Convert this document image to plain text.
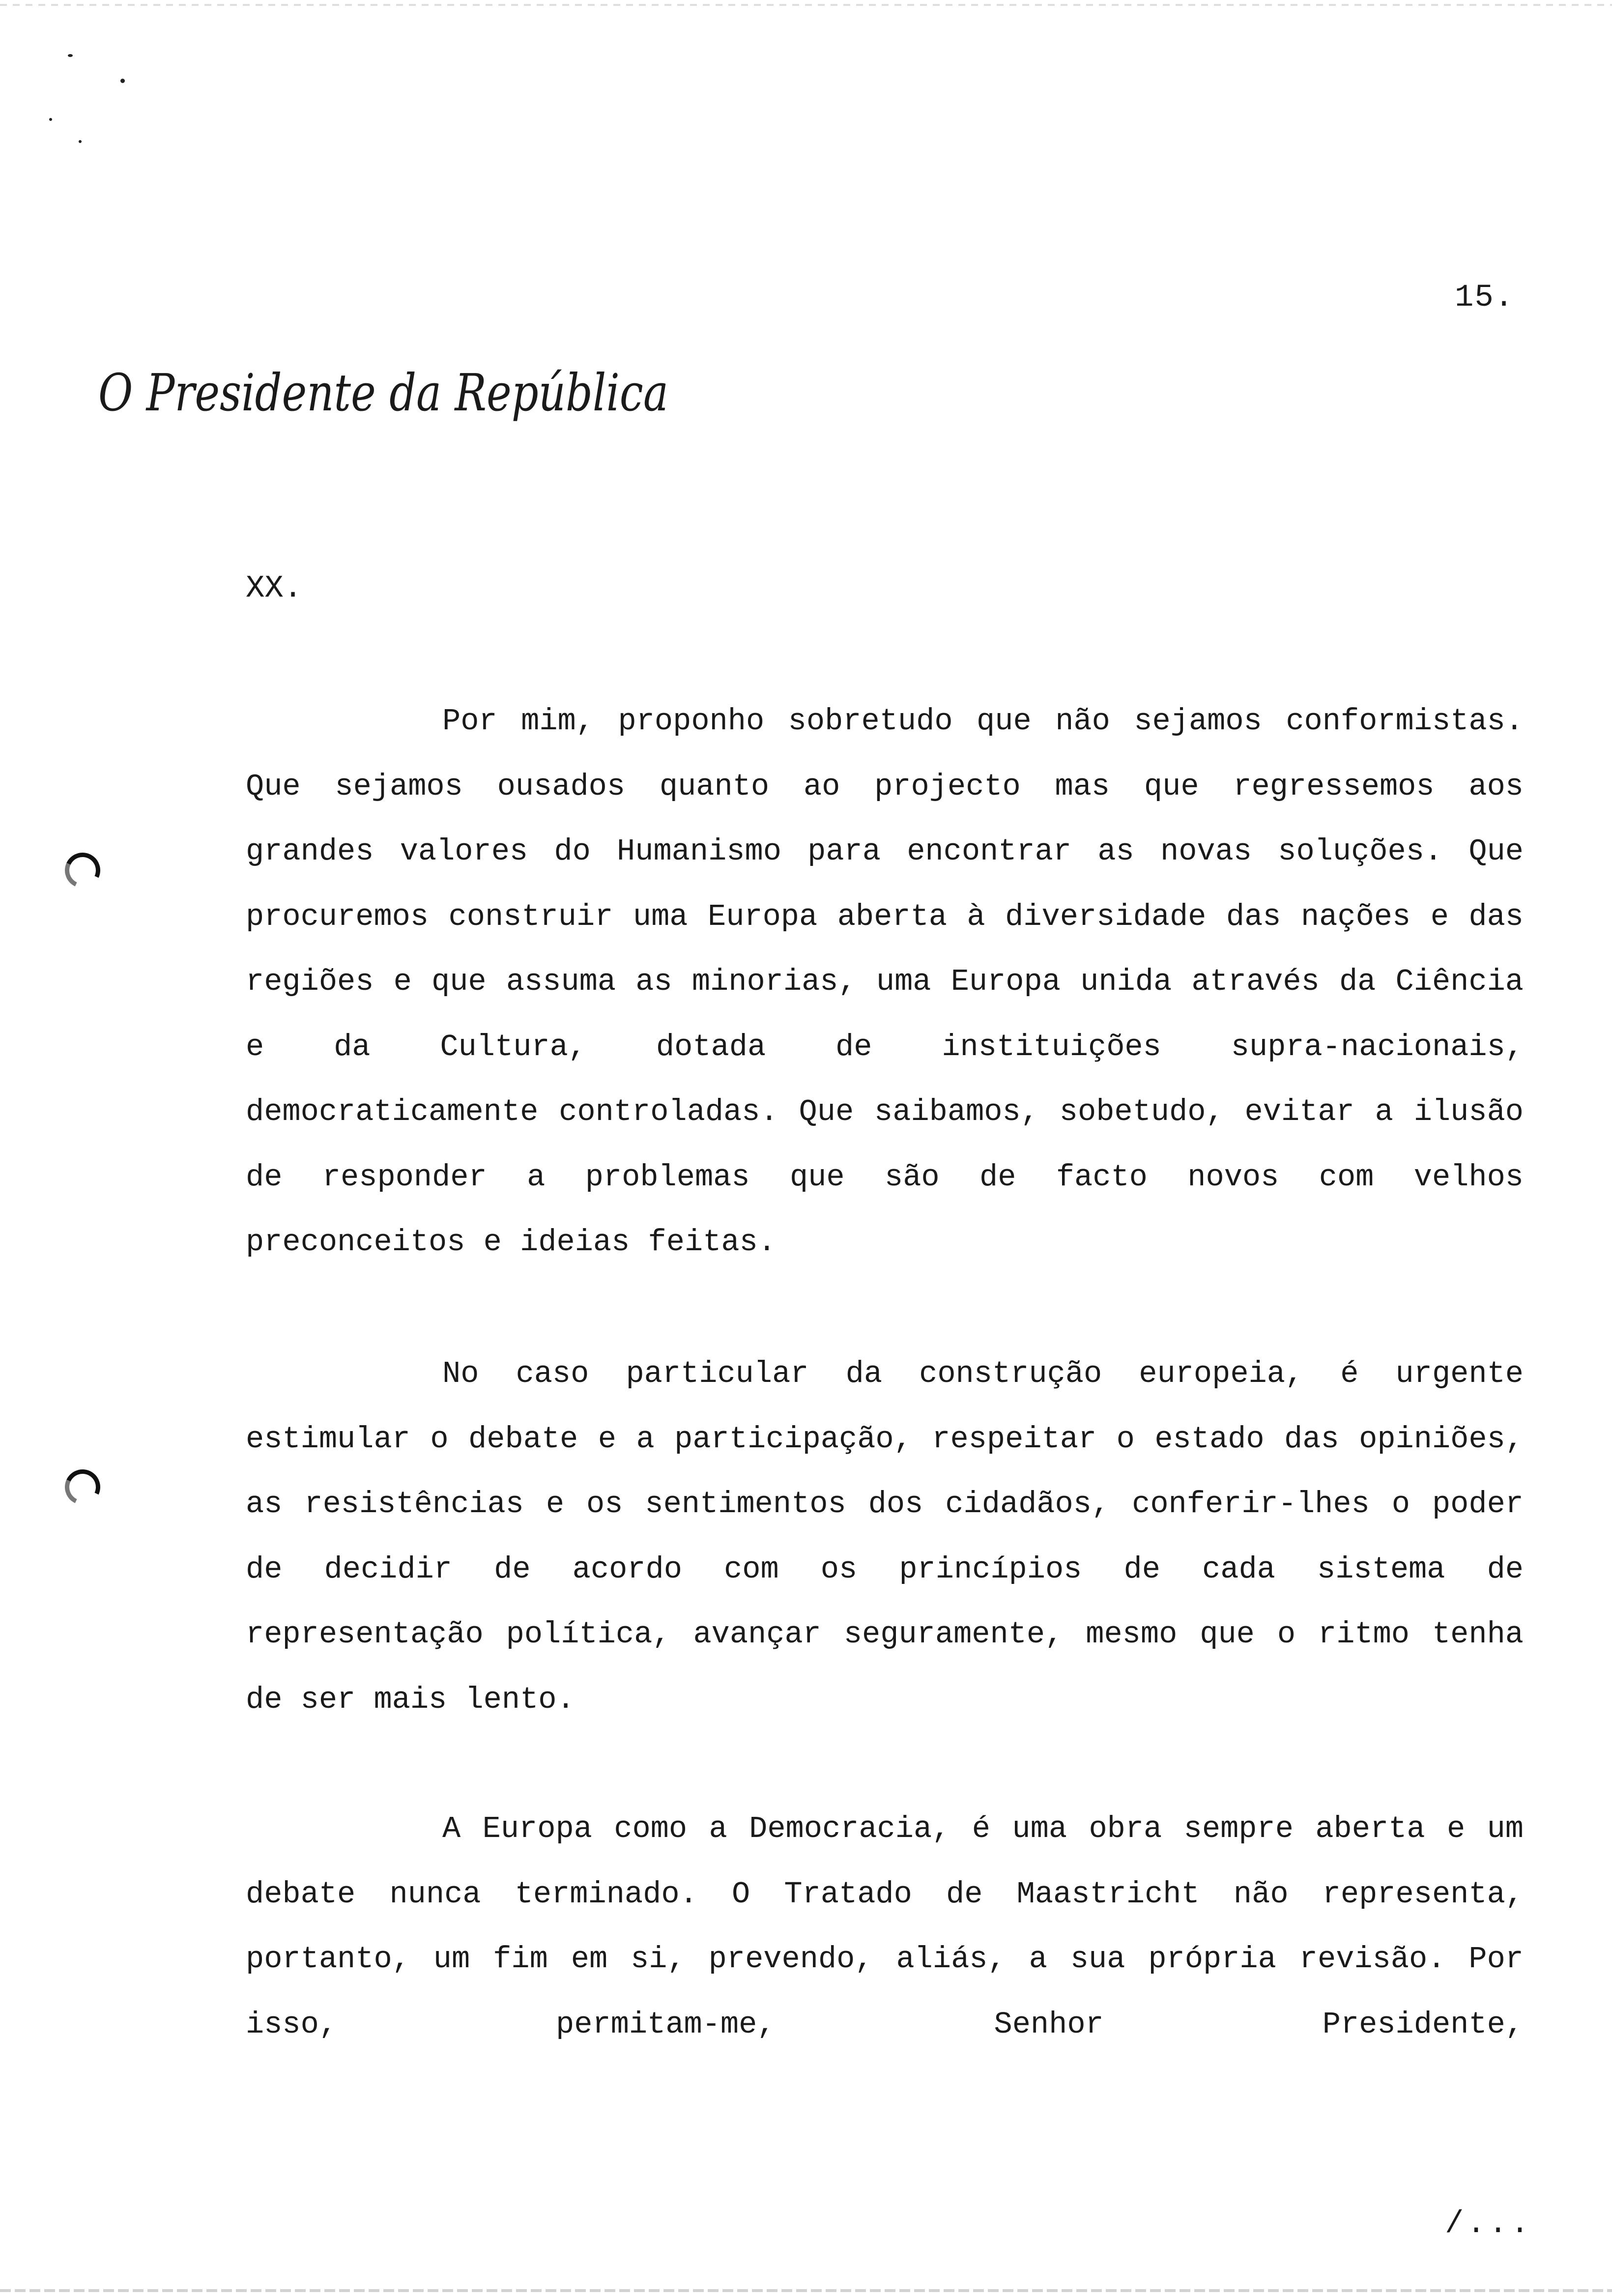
15.
O Presidente da República
XX.

Por mim, proponho sobretudo que não sejamos conformistas. Que sejamos ousados quanto ao projecto mas que regressemos aos grandes valores do Humanismo para encontrar as novas soluções. Que procuremos construir uma Europa aberta à diversidade das nações e das regiões e que assuma as minorias, uma Europa unida através da Ciência e da Cultura, dotada de instituições supra-nacionais, democraticamente controladas. Que saibamos, sobetudo, evitar a ilusão de responder a problemas que são de facto novos com velhos preconceitos e ideias feitas.

No caso particular da construção europeia, é urgente estimular o debate e a participação, respeitar o estado das opiniões, as resistências e os sentimentos dos cidadãos, conferir-lhes o poder de decidir de acordo com os princípios de cada sistema de representação política, avançar seguramente, mesmo que o ritmo tenha de ser mais lento.

A Europa como a Democracia, é uma obra sempre aberta e um debate nunca terminado. O Tratado de Maastricht não representa, portanto, um fim em si, prevendo, aliás, a sua própria revisão. Por isso, permitam-me, Senhor Presidente,

/...
